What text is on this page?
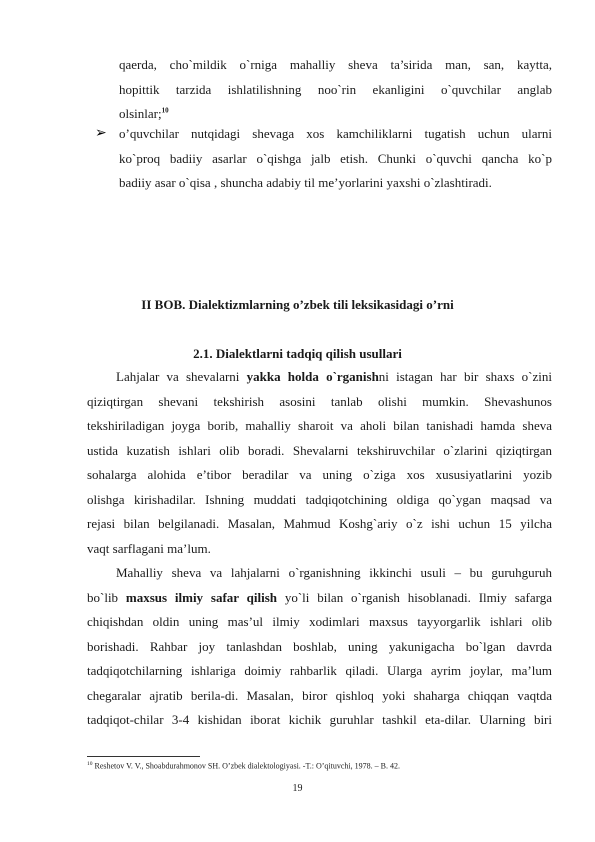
qaerda, cho`mildik o`rniga mahalliy sheva ta’sirida man, san, kaytta,
hopittik tarzida ishlatilishning noo`rin ekanligini o`quvchilar anglab
olsinlar;$^{10}$
➢ o’quvchilar nutqidagi shevaga xos kamchiliklarni tugatish uchun ularni
ko`proq badiiy asarlar o`qishga jalb etish. Chunki o`quvchi qancha ko`p
badiiy asar o`qisa , shuncha adabiy til me’yorlarini yaxshi o`zlashtiradi.
II BOB. Dialektizmlarning o’zbek tili leksikasidagi o’rni
2.1. Dialektlarni tadqiq qilish usullari
Lahjalar va shevalarni yakka holda o`rganishni istagan har bir shaxs o`zini
qiziqtirgan shevani tekshirish asosini tanlab olishi mumkin. Shevashunos
tekshiriladigan joyga borib, mahalliy sharoit va aholi bilan tanishadi hamda sheva
ustida kuzatish ishlari olib boradi. Shevalarni tekshiruvchilar o`zlarini qiziqtirgan
sohalarga alohida e’tibor beradilar va uning o`ziga xos xususiyatlarini yozib
olishga kirishadilar. Ishning muddati tadqiqotchining oldiga qo`ygan maqsad va
rejasi bilan belgilanadi. Masalan, Mahmud Koshg`ariy o`z ishi uchun 15 yilcha
vaqt sarflagani ma’lum.
Mahalliy sheva va lahjalarni o`rganishning ikkinchi usuli – bu guruhguruh
bo`lib maxsus ilmiy safar qilish yo`li bilan o`rganish hisoblanadi. Ilmiy safarga
chiqishdan oldin uning mas’ul ilmiy xodimlari maxsus tayyorgarlik ishlari olib
borishadi. Rahbar joy tanlashdan boshlab, uning yakunigacha bo`lgan davrda
tadqiqotchilarning ishlariga doimiy rahbarlik qiladi. Ularga ayrim joylar, ma’lum
chegaralar ajratib berila-di. Masalan, biror qishloq yoki shaharga chiqqan vaqtda
tadqiqot-chilar 3-4 kishidan iborat kichik guruhlar tashkil eta-dilar. Ularning biri
$^{10}$ Reshetov V. V., Shoabdurahmonov SH. O’zbek dialektologiyasi. -T.: O’qituvchi, 1978. – B. 42.
19
